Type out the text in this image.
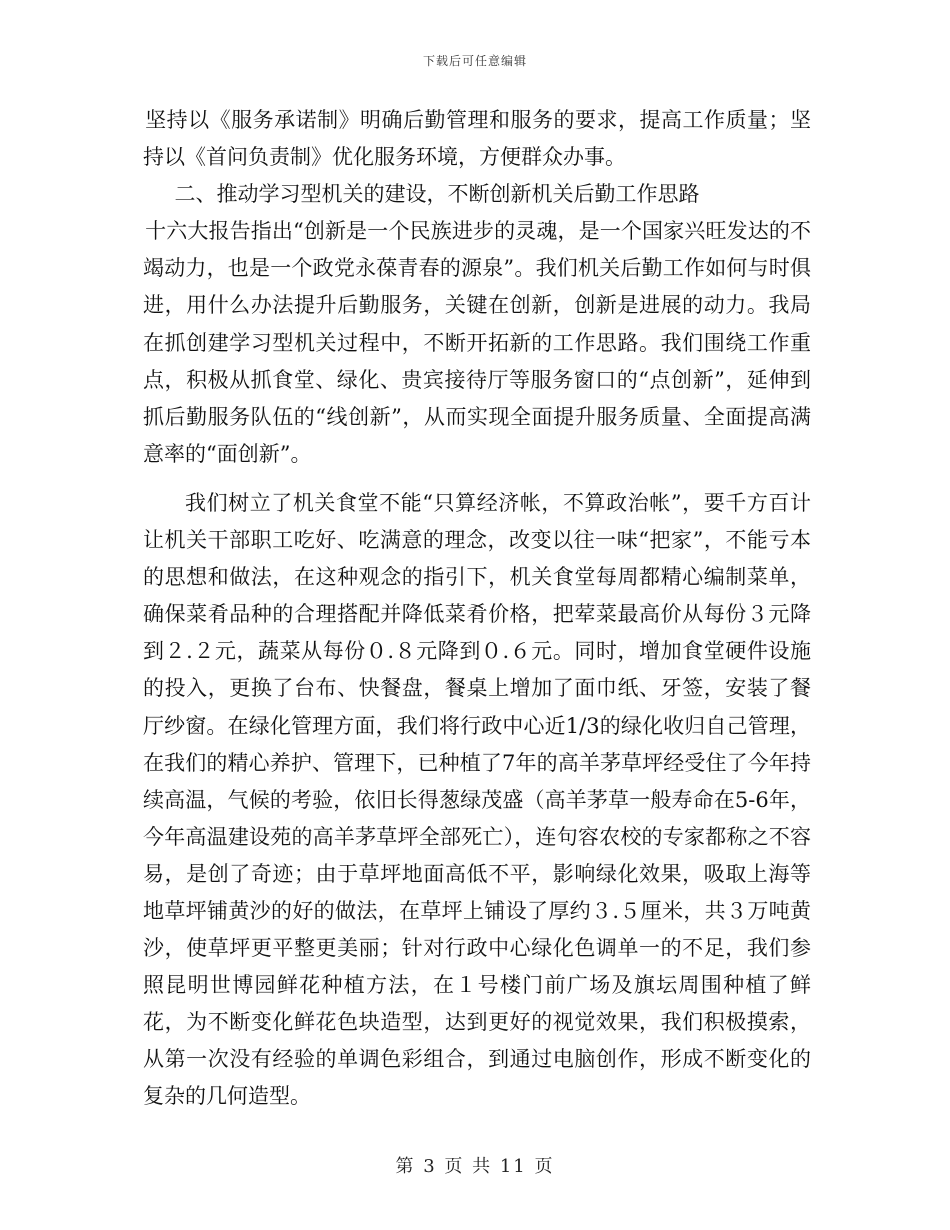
下载后可任意编辑

坚持以《服务承诺制》明确后勤管理和服务的要求，提高工作质量；坚持以《首问负责制》优化服务环境，方便群众办事。

二、推动学习型机关的建设，不断创新机关后勤工作思路

十六大报告指出“创新是一个民族进步的灵魂，是一个国家兴旺发达的不竭动力，也是一个政党永葆青春的源泉”。我们机关后勤工作如何与时俱进，用什么办法提升后勤服务，关键在创新，创新是进展的动力。我局在抓创建学习型机关过程中，不断开拓新的工作思路。我们围绕工作重点，积极从抓食堂、绿化、贵宾接待厅等服务窗口的“点创新”，延伸到抓后勤服务队伍的“线创新”，从而实现全面提升服务质量、全面提高满意率的“面创新”。

我们树立了机关食堂不能“只算经济帐，不算政治帐”，要千方百计让机关干部职工吃好、吃满意的理念，改变以往一味“把家”，不能亏本的思想和做法，在这种观念的指引下，机关食堂每周都精心编制菜单，确保菜肴品种的合理搭配并降低菜肴价格，把荤菜最高价从每份３元降到２.２元，蔬菜从每份０.８元降到０.６元。同时，增加食堂硬件设施的投入，更换了台布、快餐盘，餐桌上增加了面巾纸、牙签，安装了餐厅纱窗。在绿化管理方面，我们将行政中心近1/3的绿化收归自己管理，在我们的精心养护、管理下，已种植了7年的高羊茅草坪经受住了今年持续高温，气候的考验，依旧长得葱绿茂盛（高羊茅草一般寿命在5-6年，今年高温建设苑的高羊茅草坪全部死亡），连句容农校的专家都称之不容易，是创了奇迹；由于草坪地面高低不平，影响绿化效果，吸取上海等地草坪铺黄沙的好的做法，在草坪上铺设了厚约３.５厘米，共３万吨黄沙，使草坪更平整更美丽；针对行政中心绿化色调单一的不足，我们参照昆明世博园鲜花种植方法，在１号楼门前广场及旗坛周围种植了鲜花，为不断变化鲜花色块造型，达到更好的视觉效果，我们积极摸索，从第一次没有经验的单调色彩组合，到通过电脑创作，形成不断变化的复杂的几何造型。

第 3 页 共 11 页
